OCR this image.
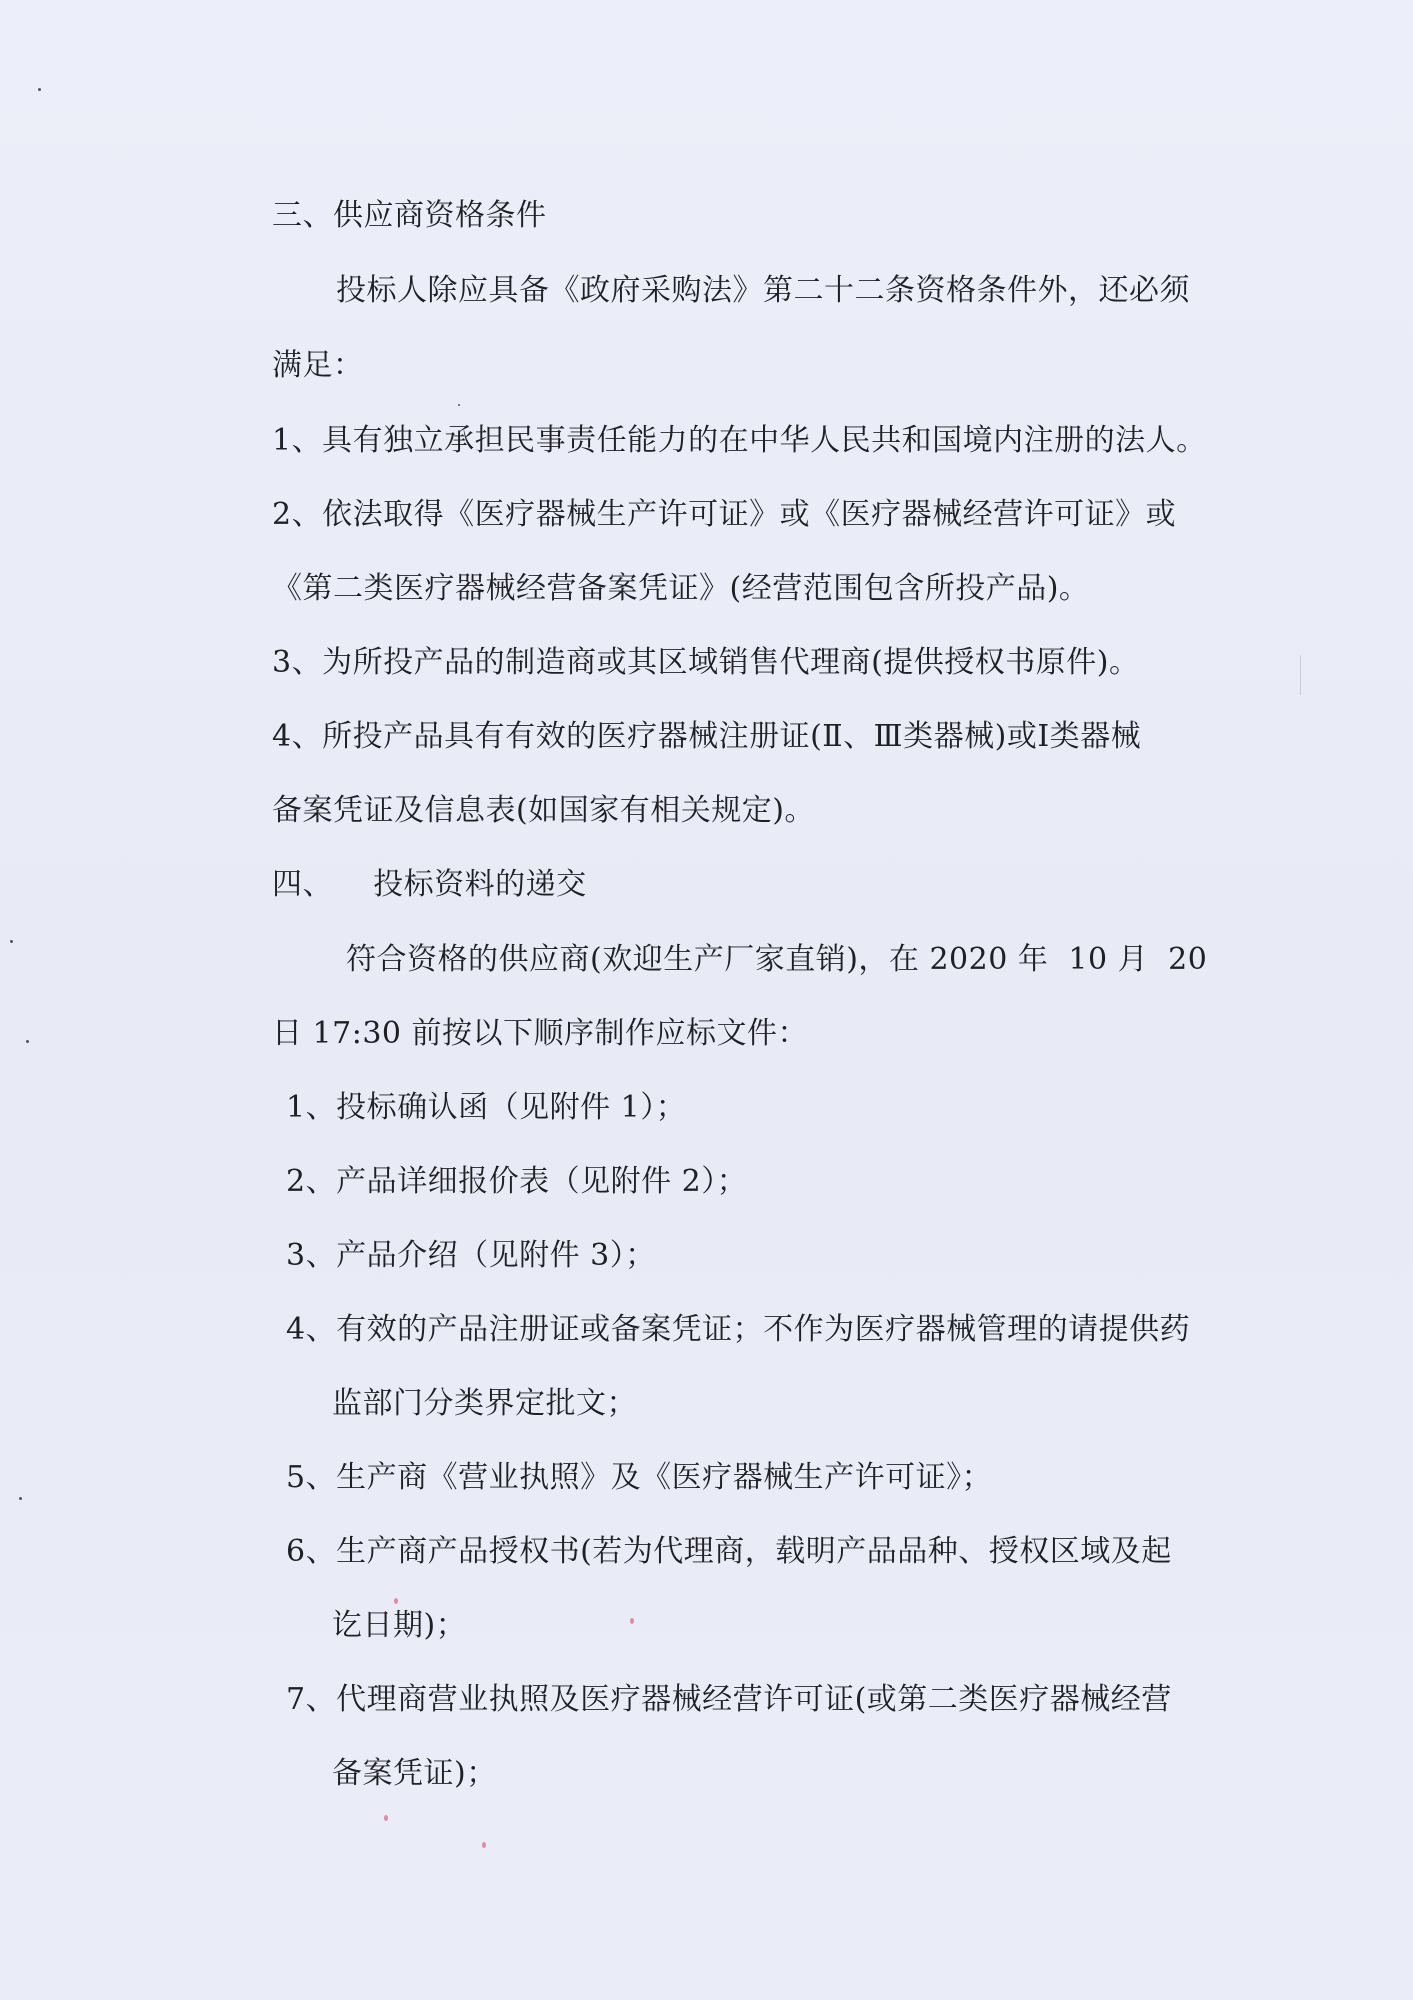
三、供应商资格条件
投标人除应具备《政府采购法》第二十二条资格条件外，还必须
满足：
1、具有独立承担民事责任能力的在中华人民共和国境内注册的法人。
2、依法取得《医疗器械生产许可证》或《医疗器械经营许可证》或
《第二类医疗器械经营备案凭证》(经营范围包含所投产品)。
3、为所投产品的制造商或其区域销售代理商(提供授权书原件)。
4、所投产品具有有效的医疗器械注册证(Ⅱ、Ⅲ类器械)或Ⅰ类器械
备案凭证及信息表(如国家有相关规定)。
四、    投标资料的递交
符合资格的供应商(欢迎生产厂家直销)，在 2020 年  10 月  20
日 17:30 前按以下顺序制作应标文件：
1、投标确认函（见附件 1）；
2、产品详细报价表（见附件 2）；
3、产品介绍（见附件 3）；
4、有效的产品注册证或备案凭证；不作为医疗器械管理的请提供药
监部门分类界定批文；
5、生产商《营业执照》及《医疗器械生产许可证》；
6、生产商产品授权书(若为代理商，载明产品品种、授权区域及起
讫日期)；
7、代理商营业执照及医疗器械经营许可证(或第二类医疗器械经营
备案凭证)；
